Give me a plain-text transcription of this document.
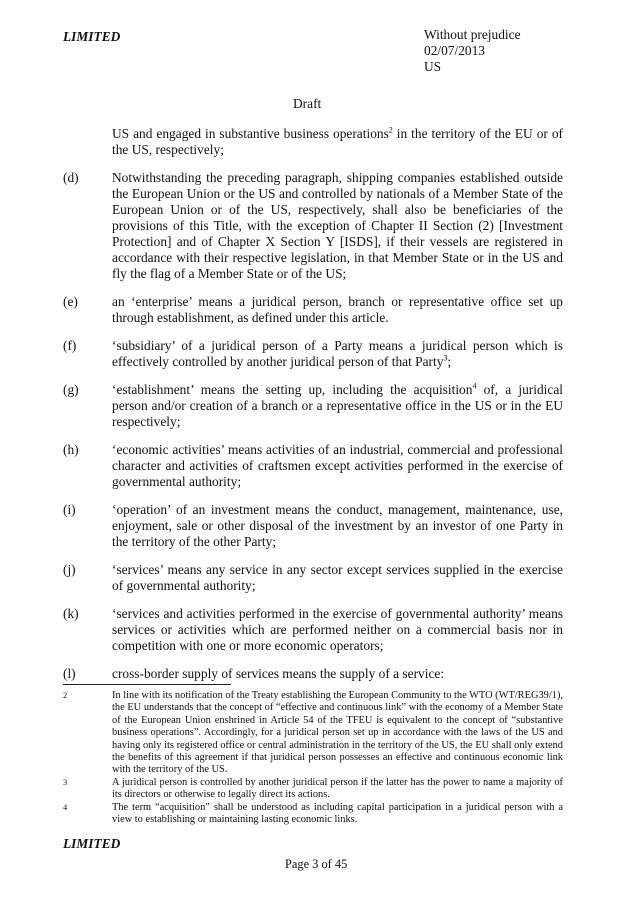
LIMITED	Without prejudice
02/07/2013
US
Draft
US and engaged in substantive business operations$^2$ in the territory of the EU or of the US, respectively;
(d) Notwithstanding the preceding paragraph, shipping companies established outside the European Union or the US and controlled by nationals of a Member State of the European Union or of the US, respectively, shall also be beneficiaries of the provisions of this Title, with the exception of Chapter II Section (2) [Investment Protection] and of Chapter X Section Y [ISDS], if their vessels are registered in accordance with their respective legislation, in that Member State or in the US and fly the flag of a Member State or of the US;
(e)	an ‘enterprise’ means a juridical person, branch or representative office set up through establishment, as defined under this article.
(f)	‘subsidiary’ of a juridical person of a Party means a juridical person which is effectively controlled by another juridical person of that Party$^3$;
(g) ‘establishment’ means the setting up, including the acquisition$^4$ of, a juridical person and/or creation of a branch or a representative office in the US or in the EU respectively;
(h) ‘economic activities’ means activities of an industrial, commercial and professional character and activities of craftsmen except activities performed in the exercise of governmental authority;
(i)	‘operation’ of an investment means the conduct, management, maintenance, use, enjoyment, sale or other disposal of the investment by an investor of one Party in the territory of the other Party;
(j)	‘services’ means any service in any sector except services supplied in the exercise of governmental authority;
(k) ‘services and activities performed in the exercise of governmental authority’ means services or activities which are performed neither on a commercial basis nor in competition with one or more economic operators;
(l)	cross-border supply of services means the supply of a service:
2	In line with its notification of the Treaty establishing the European Community to the WTO (WT/REG39/1), the EU understands that the concept of “effective and continuous link” with the economy of a Member State of the European Union enshrined in Article 54 of the TFEU is equivalent to the concept of “substantive business operations”. Accordingly, for a juridical person set up in accordance with the laws of the US and having only its registered office or central administration in the territory of the US, the EU shall only extend the benefits of this agreement if that juridical person possesses an effective and continuous economic link with the territory of the US.
3	A juridical person is controlled by another juridical person if the latter has the power to name a majority of its directors or otherwise to legally direct its actions.
4	The term “acquisition” shall be understood as including capital participation in a juridical person with a view to establishing or maintaining lasting economic links.
LIMITED
Page 3 of 45
